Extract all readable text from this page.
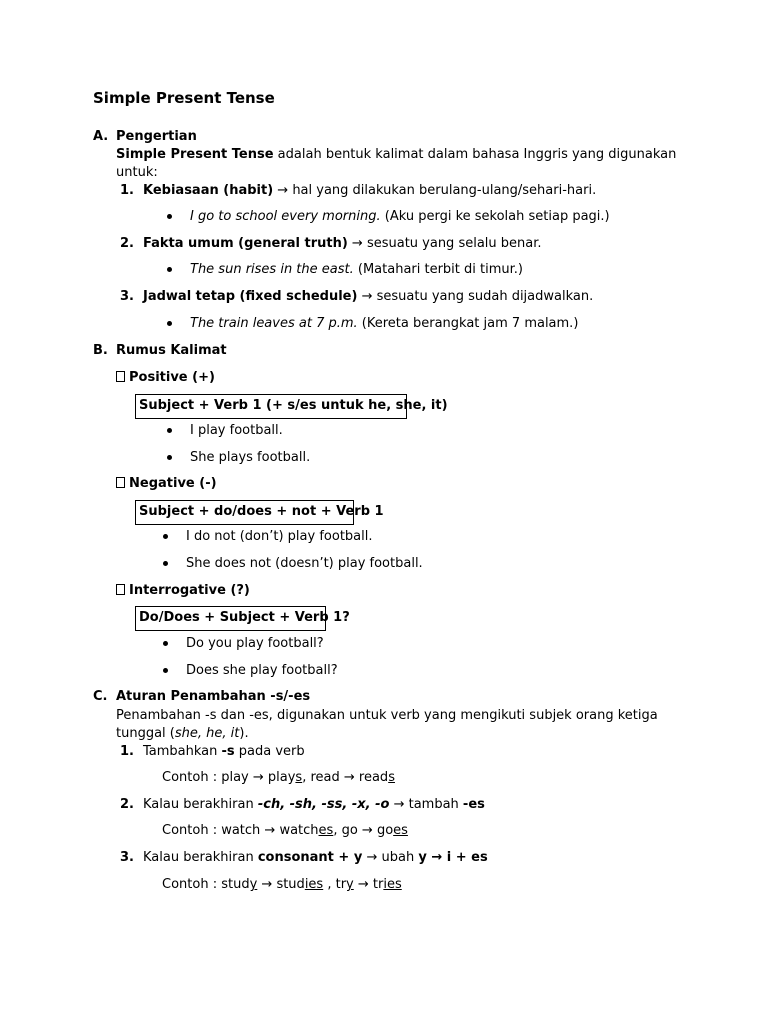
Simple Present Tense
A. Pengertian
Simple Present Tense adalah bentuk kalimat dalam bahasa Inggris yang digunakan
untuk:
1. Kebiasaan (habit) → hal yang dilakukan berulang-ulang/sehari-hari.
I go to school every morning. (Aku pergi ke sekolah setiap pagi.)
2. Fakta umum (general truth) → sesuatu yang selalu benar.
The sun rises in the east. (Matahari terbit di timur.)
3. Jadwal tetap (fixed schedule) → sesuatu yang sudah dijadwalkan.
The train leaves at 7 p.m. (Kereta berangkat jam 7 malam.)
B. Rumus Kalimat
Positive (+)
Subject + Verb 1 (+ s/es untuk he, she, it)
I play football.
She plays football.
Negative (-)
Subject + do/does + not + Verb 1
I do not (don’t) play football.
She does not (doesn’t) play football.
Interrogative (?)
Do/Does + Subject + Verb 1?
Do you play football?
Does she play football?
C. Aturan Penambahan -s/-es
Penambahan -s dan -es, digunakan untuk verb yang mengikuti subjek orang ketiga
tunggal (she, he, it).
1. Tambahkan -s pada verb
Contoh : play → plays, read → reads
2. Kalau berakhiran -ch, -sh, -ss, -x, -o → tambah -es
Contoh : watch → watches, go → goes
3. Kalau berakhiran consonant + y → ubah y → i + es
Contoh : study → studies , try → tries
